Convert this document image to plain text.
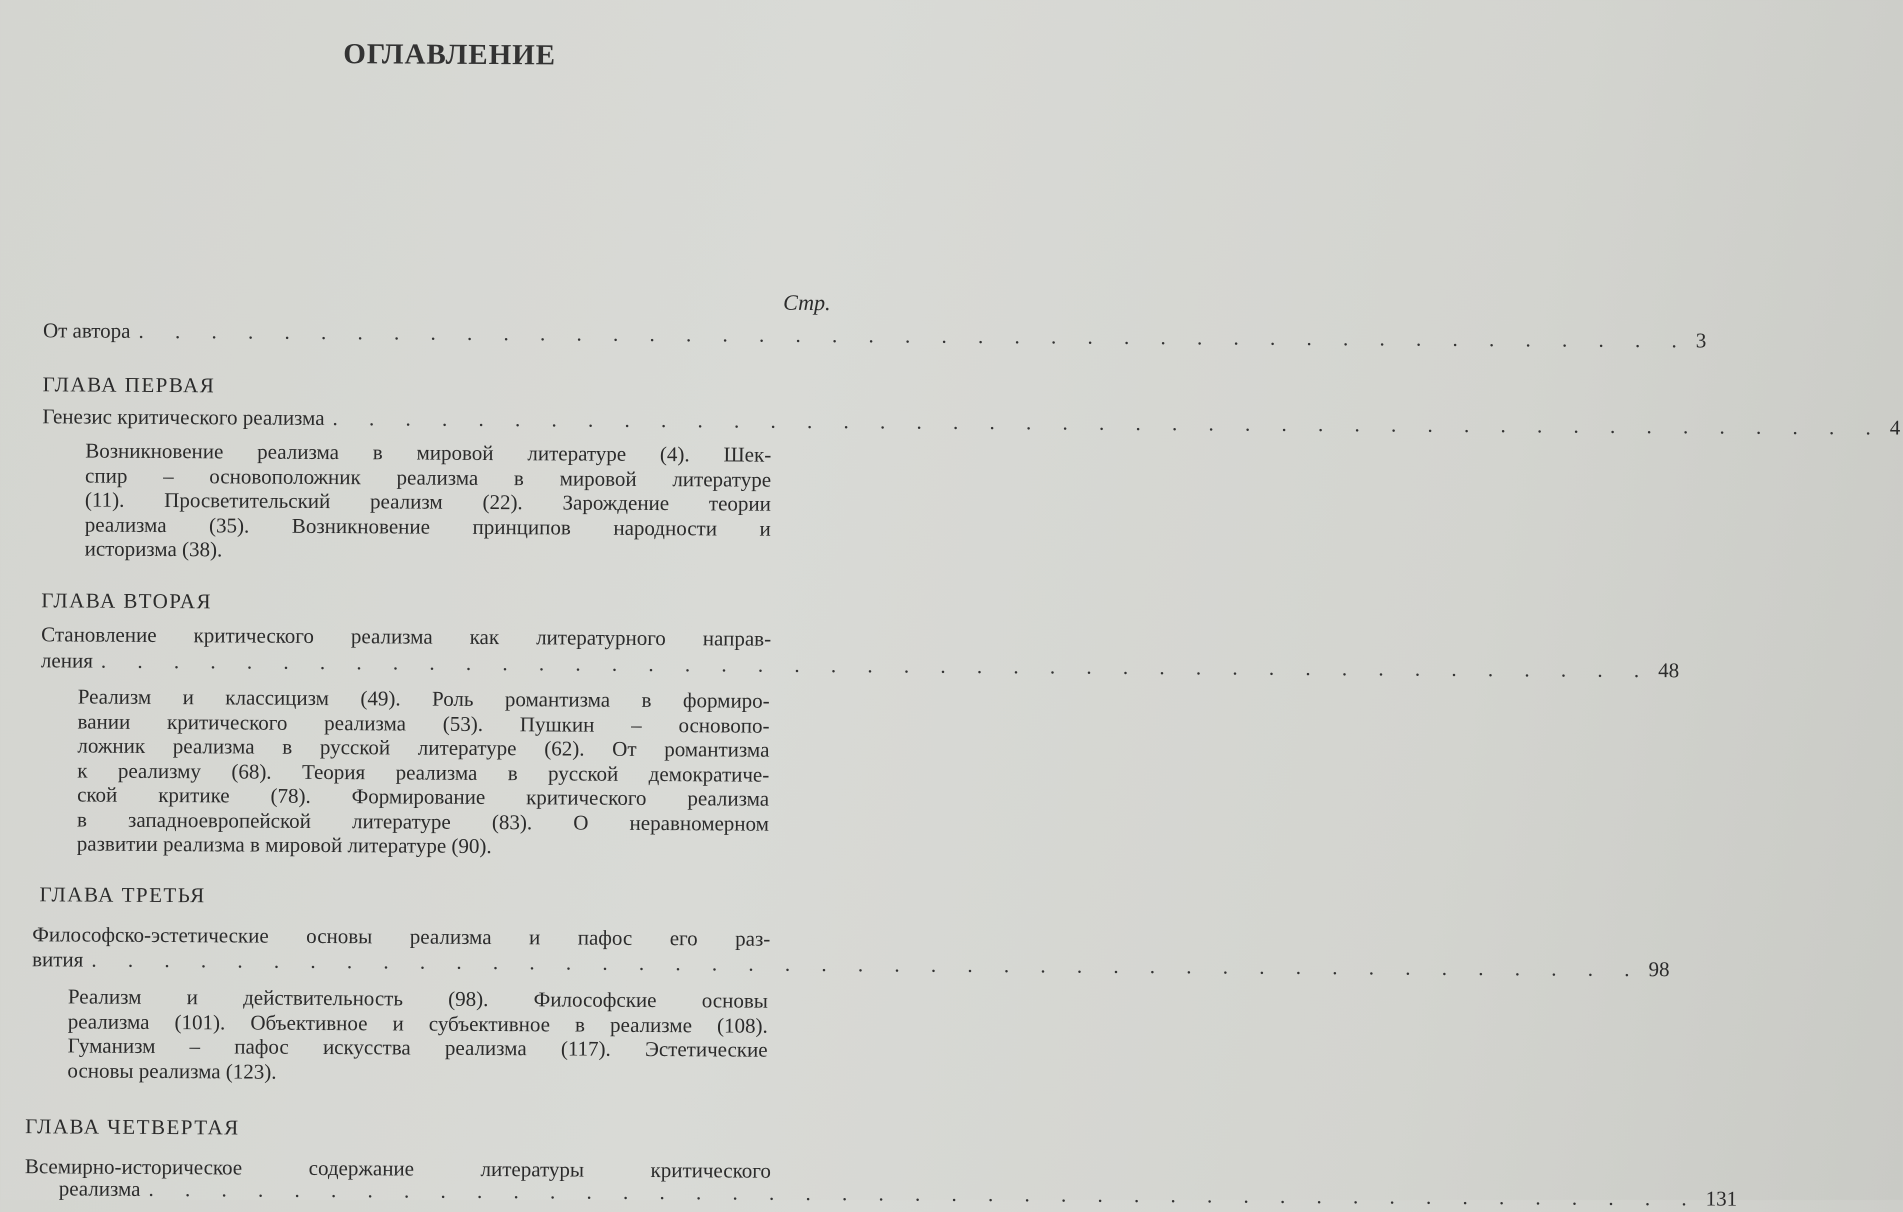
ОГЛАВЛЕНИЕ
Стр.
От автора . . . . . . . . . . . . . . . . . . . . . . . . . . . . . . . . . . . . . . . . . . . 3
ГЛАВА ПЕРВАЯ
Генезис критического реализма . . . . . . . . . . . . . . . . . . . . . . . . . . . . . . . . . . . . . . . . . . . 4
Возникновение реализма в мировой литературе (4). Шек-
спир – основоположник реализма в мировой литературе
(11). Просветительский реализм (22). Зарождение теории
реализма (35). Возникновение принципов народности и
историзма (38).
ГЛАВА ВТОРАЯ
Становление критического реализма как литературного направ-
ления . . . . . . . . . . . . . . . . . . . . . . . . . . . . . . . . . . . . . . . . . . . 48
Реализм и классицизм (49). Роль романтизма в формиро-
вании критического реализма (53). Пушкин – основопо-
ложник реализма в русской литературе (62). От романтизма
к реализму (68). Теория реализма в русской демократиче-
ской критике (78). Формирование критического реализма
в западноевропейской литературе (83). О неравномерном
развитии реализма в мировой литературе (90).
ГЛАВА ТРЕТЬЯ
Философско-эстетические основы реализма и пафос его раз-
вития . . . . . . . . . . . . . . . . . . . . . . . . . . . . . . . . . . . . . . . . . . . 98
Реализм и действительность (98). Философские основы
реализма (101). Объективное и субъективное в реализме (108).
Гуманизм – пафос искусства реализма (117). Эстетические
основы реализма (123).
ГЛАВА ЧЕТВЕРТАЯ
Всемирно-историческое содержание литературы критического
реализма . . . . . . . . . . . . . . . . . . . . . . . . . . . . . . . . . . . . . . . . . . . 131
